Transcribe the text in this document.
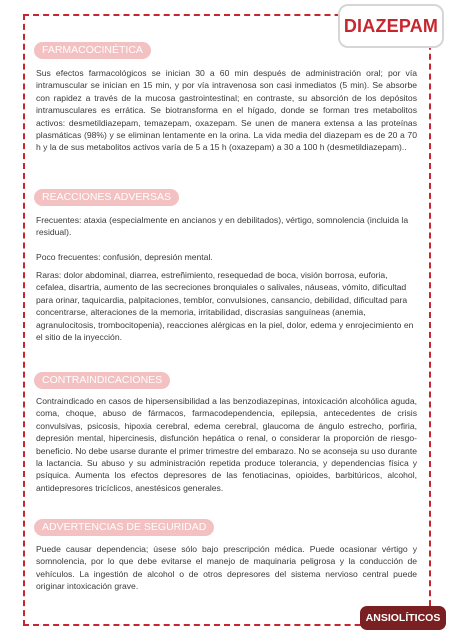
DIAZEPAM
FARMACOCINÉTICA
Sus efectos farmacológicos se inician 30 a 60 min después de administración oral; por vía intramuscular se inician en 15 min, y por vía intravenosa son casi inmediatos (5 min). Se absorbe con rapidez a través de la mucosa gastrointestinal; en contraste, su absorción de los depósitos intramusculares es errática. Se biotransforma en el hígado, donde se forman tres metabolitos activos: desmetildiazepam, temazepam, oxazepam. Se unen de manera extensa a las proteínas plasmáticas (98%) y se eliminan lentamente en la orina. La vida media del diazepam es de 20 a 70 h y la de sus metabolitos activos varía de 5 a 15 h (oxazepam) a 30 a 100 h (desmetildiazepam)..
REACCIONES ADVERSAS
Frecuentes: ataxia (especialmente en ancianos y en debilitados), vértigo, somnolencia (incluida la residual).
Poco frecuentes: confusión, depresión mental.
Raras: dolor abdominal, diarrea, estreñimiento, resequedad de boca, visión borrosa, euforia, cefalea, disartria, aumento de las secreciones bronquiales o salivales, náuseas, vómito, dificultad para orinar, taquicardia, palpitaciones, temblor, convulsiones, cansancio, debilidad, dificultad para concentrarse, alteraciones de la memoria, irritabilidad, discrasias sanguíneas (anemia, agranulocitosis, trombocitopenia), reacciones alérgicas en la piel, dolor, edema y enrojecimiento en el sitio de la inyección.
CONTRAINDICACIONES
Contraindicado en casos de hipersensibilidad a las benzodiazepinas, intoxicación alcohólica aguda, coma, choque, abuso de fármacos, farmacodependencia, epilepsia, antecedentes de crisis convulsivas, psicosis, hipoxia cerebral, edema cerebral, glaucoma de ángulo estrecho, porfiria, depresión mental, hipercinesis, disfunción hepática o renal, o considerar la proporción de riesgo-beneficio. No debe usarse durante el primer trimestre del embarazo. No se aconseja su uso durante la lactancia. Su abuso y su administración repetida produce tolerancia, y dependencias física y psíquica. Aumenta los efectos depresores de las fenotiacinas, opioides, barbitúricos, alcohol, antidepresores tricíclicos, anestésicos generales.
ADVERTENCIAS DE SEGURIDAD
Puede causar dependencia; úsese sólo bajo prescripción médica. Puede ocasionar vértigo y somnolencia, por lo que debe evitarse el manejo de maquinaria peligrosa y la conducción de vehículos. La ingestión de alcohol o de otros depresores del sistema nervioso central puede originar intoxicación grave.
ANSIOLÍTICOS
